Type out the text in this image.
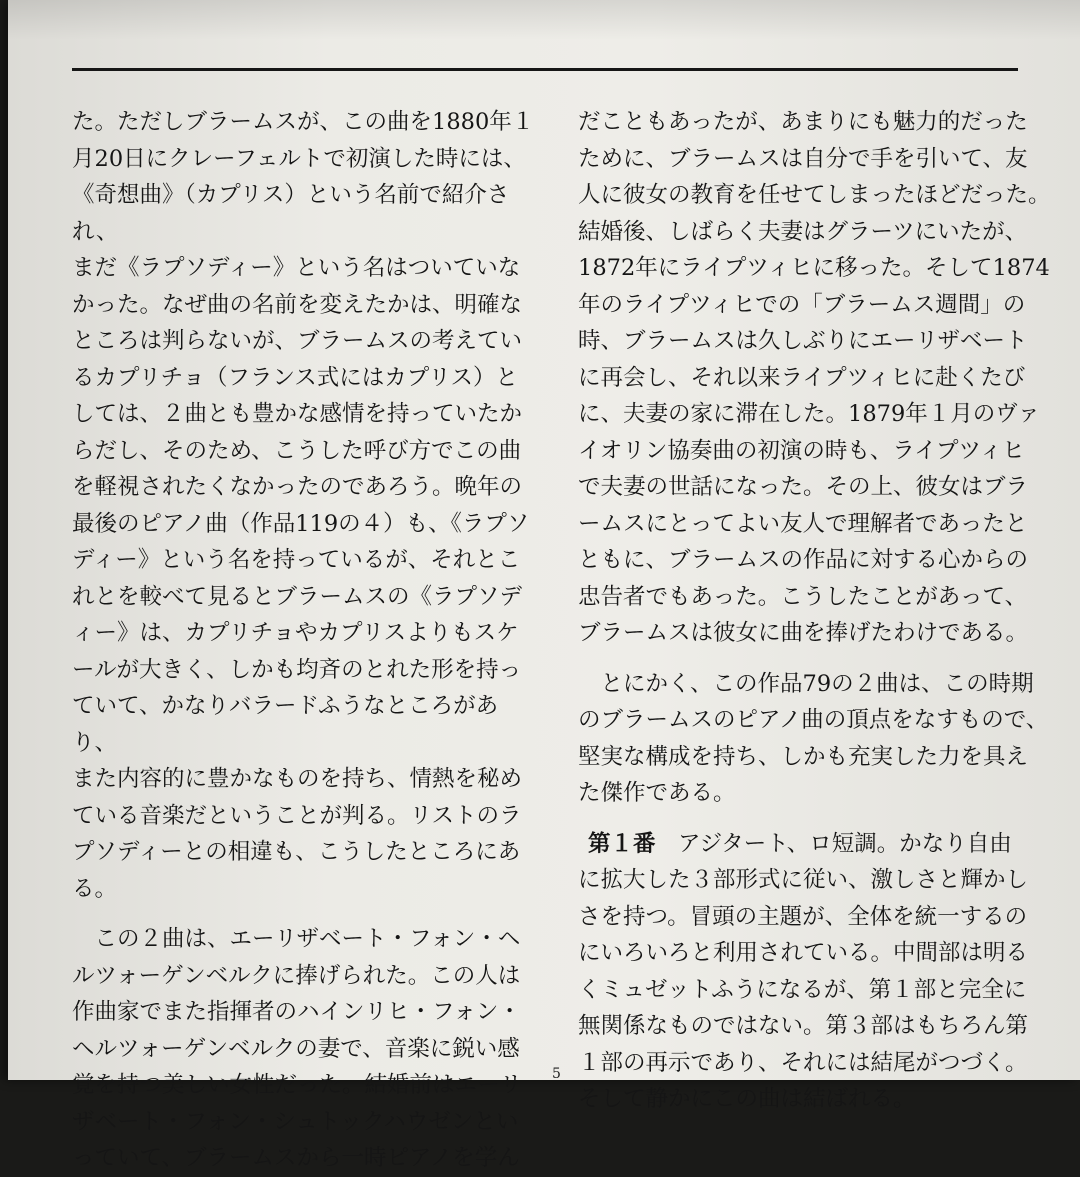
た。ただしブラームスが、この曲を1880年１
月20日にクレーフェルトで初演した時には、
《奇想曲》（カプリス）という名前で紹介され、
まだ《ラプソディー》という名はついていな
かった。なぜ曲の名前を変えたかは、明確な
ところは判らないが、ブラームスの考えてい
るカプリチョ（フランス式にはカプリス）と
しては、２曲とも豊かな感情を持っていたか
らだし、そのため、こうした呼び方でこの曲
を軽視されたくなかったのであろう。晩年の
最後のピアノ曲（作品119の４）も、《ラプソ
ディー》という名を持っているが、それとこ
れとを較べて見るとブラームスの《ラプソデ
ィー》は、カプリチョやカプリスよりもスケ
ールが大きく、しかも均斉のとれた形を持っ
ていて、かなりバラードふうなところがあり、
また内容的に豊かなものを持ち、情熱を秘め
ている音楽だということが判る。リストのラ
プソディーとの相違も、こうしたところにあ
る。

　この２曲は、エーリザベート・フォン・ヘ
ルツォーゲンベルクに捧げられた。この人は
作曲家でまた指揮者のハインリヒ・フォン・
ヘルツォーゲンベルクの妻で、音楽に鋭い感
覚を持つ美しい女性だった。結婚前はエーリ
ザベート・フォン・シュトックハウゼンとい
っていて、ブラームスから一時ピアノを学ん

だこともあったが、あまりにも魅力的だった
ために、ブラームスは自分で手を引いて、友
人に彼女の教育を任せてしまったほどだった。
結婚後、しばらく夫妻はグラーツにいたが、
1872年にライプツィヒに移った。そして1874
年のライプツィヒでの「ブラームス週間」の
時、ブラームスは久しぶりにエーリザベート
に再会し、それ以来ライプツィヒに赴くたび
に、夫妻の家に滞在した。1879年１月のヴァ
イオリン協奏曲の初演の時も、ライプツィヒ
で夫妻の世話になった。その上、彼女はブラ
ームスにとってよい友人で理解者であったと
ともに、ブラームスの作品に対する心からの
忠告者でもあった。こうしたことがあって、
ブラームスは彼女に曲を捧げたわけである。

　とにかく、この作品79の２曲は、この時期
のブラームスのピアノ曲の頂点をなすもので、
堅実な構成を持ち、しかも充実した力を具え
た傑作である。

第１番　アジタート、ロ短調。かなり自由
に拡大した３部形式に従い、激しさと輝かし
さを持つ。冒頭の主題が、全体を統一するの
にいろいろと利用されている。中間部は明る
くミュゼットふうになるが、第１部と完全に
無関係なものではない。第３部はもちろん第
１部の再示であり、それには結尾がつづく。
そして静かにこの曲は結ばれる。

5
